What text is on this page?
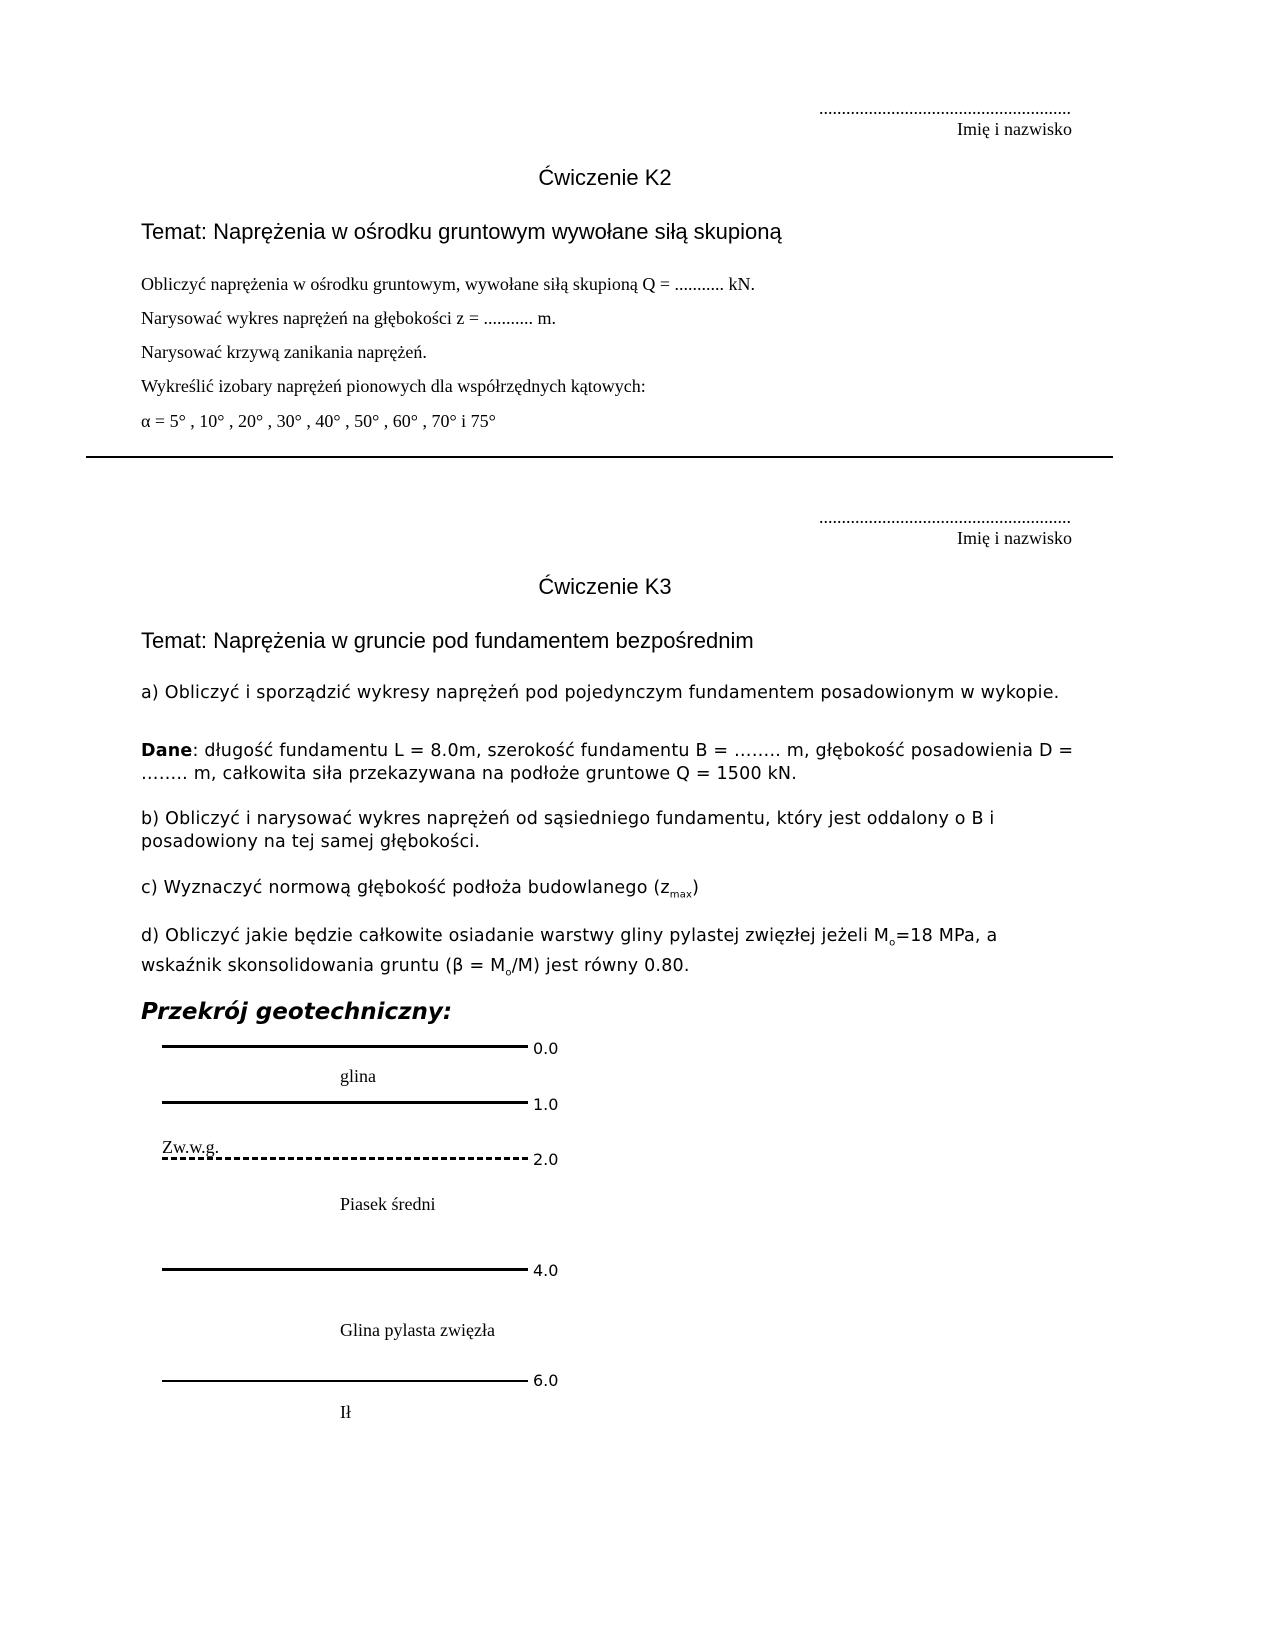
........................................................
Imię i nazwisko
Ćwiczenie K2
Temat: Naprężenia w ośrodku gruntowym wywołane siłą skupioną
Obliczyć naprężenia w ośrodku gruntowym, wywołane siłą skupioną Q = ........... kN.
Narysować wykres naprężeń na głębokości z = ........... m.
Narysować krzywą zanikania naprężeń.
Wykreślić izobary naprężeń pionowych dla współrzędnych kątowych:
α = 5° , 10° , 20° , 30° , 40° , 50° , 60° , 70° i 75°
........................................................
Imię i nazwisko
Ćwiczenie K3
Temat: Naprężenia w gruncie pod fundamentem bezpośrednim

a) Obliczyć i sporządzić wykresy naprężeń pod pojedynczym fundamentem posadowionym w wykopie.

Dane: długość fundamentu L = 8.0m, szerokość fundamentu B = …….. m, głębokość posadowienia D = …….. m, całkowita siła przekazywana na podłoże gruntowe Q = 1500 kN.

b) Obliczyć i narysować wykres naprężeń od sąsiedniego fundamentu, który jest oddalony o B i posadowiony na tej samej głębokości.

c) Wyznaczyć normową głębokość podłoża budowlanego $(z_{max})$

d) Obliczyć jakie będzie całkowite osiadanie warstwy gliny pylastej zwięzłej jeżeli $M_o=18$ MPa, a wskaźnik skonsolidowania gruntu $(\beta = M_o/M)$ jest równy 0.80.

Przekrój geotechniczny:
0.0
glina
1.0
Zw.w.g.
2.0
Piasek średni
4.0
Glina pylasta zwięzła
6.0
Ił
